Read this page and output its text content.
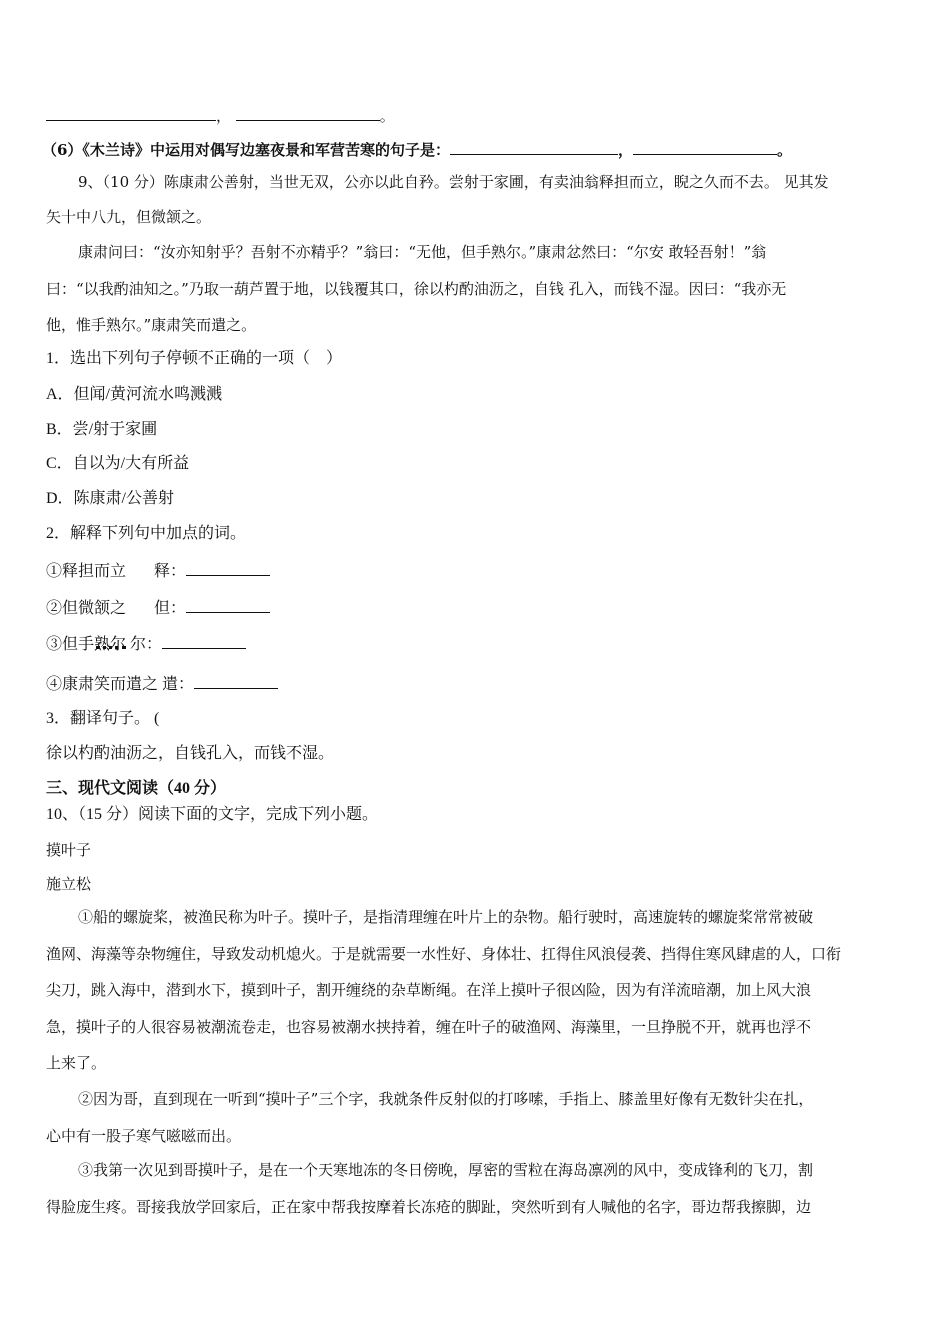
，	。
（6）《木兰诗》中运用对偶写边塞夜景和军营苦寒的句子是：	，	。
9、（10 分）陈康肃公善射，当世无双，公亦以此自矜。尝射于家圃，有卖油翁释担而立，睨之久而不去。 见其发
矢十中八九，但微颔之。
康肃问曰：“汝亦知射乎？吾射不亦精乎？”翁曰：“无他，但手熟尔。”康肃忿然曰：“尔安 敢轻吾射！”翁
曰：“以我酌油知之。”乃取一葫芦置于地，以钱覆其口，徐以杓酌油沥之，自钱 孔入，而钱不湿。因曰：“我亦无
他，惟手熟尔。”康肃笑而遣之。
1．选出下列句子停顿不正确的一项（　）
A．但闻/黄河流水鸣溅溅
B．尝/射于家圃
C．自以为/大有所益
D．陈康肃/公善射
2．解释下列句中加点的词。
①释担而立 释：
②但微颔之 但：
③但手熟尔 尔：
④康肃笑而遣之 遣：
3．翻译句子。 (
徐以杓酌油沥之，自钱孔入，而钱不湿。
三、现代文阅读（40 分）
10、（15 分）阅读下面的文字，完成下列小题。
摸叶子
施立松
①船的螺旋桨，被渔民称为叶子。摸叶子，是指清理缠在叶片上的杂物。船行驶时，高速旋转的螺旋桨常常被破
渔网、海藻等杂物缠住，导致发动机熄火。于是就需要一水性好、身体壮、扛得住风浪侵袭、挡得住寒风肆虐的人，口衔
尖刀，跳入海中，潜到水下，摸到叶子，割开缠绕的杂草断绳。在洋上摸叶子很凶险，因为有洋流暗潮，加上风大浪
急，摸叶子的人很容易被潮流卷走，也容易被潮水挟持着，缠在叶子的破渔网、海藻里，一旦挣脱不开，就再也浮不
上来了。
②因为哥，直到现在一听到“摸叶子”三个字，我就条件反射似的打哆嗦，手指上、膝盖里好像有无数针尖在扎，
心中有一股子寒气嗞嗞而出。
③我第一次见到哥摸叶子，是在一个天寒地冻的冬日傍晚，厚密的雪粒在海岛凛冽的风中，变成锋利的飞刀，割
得脸庞生疼。哥接我放学回家后，正在家中帮我按摩着长冻疮的脚趾，突然听到有人喊他的名字，哥边帮我擦脚，边
